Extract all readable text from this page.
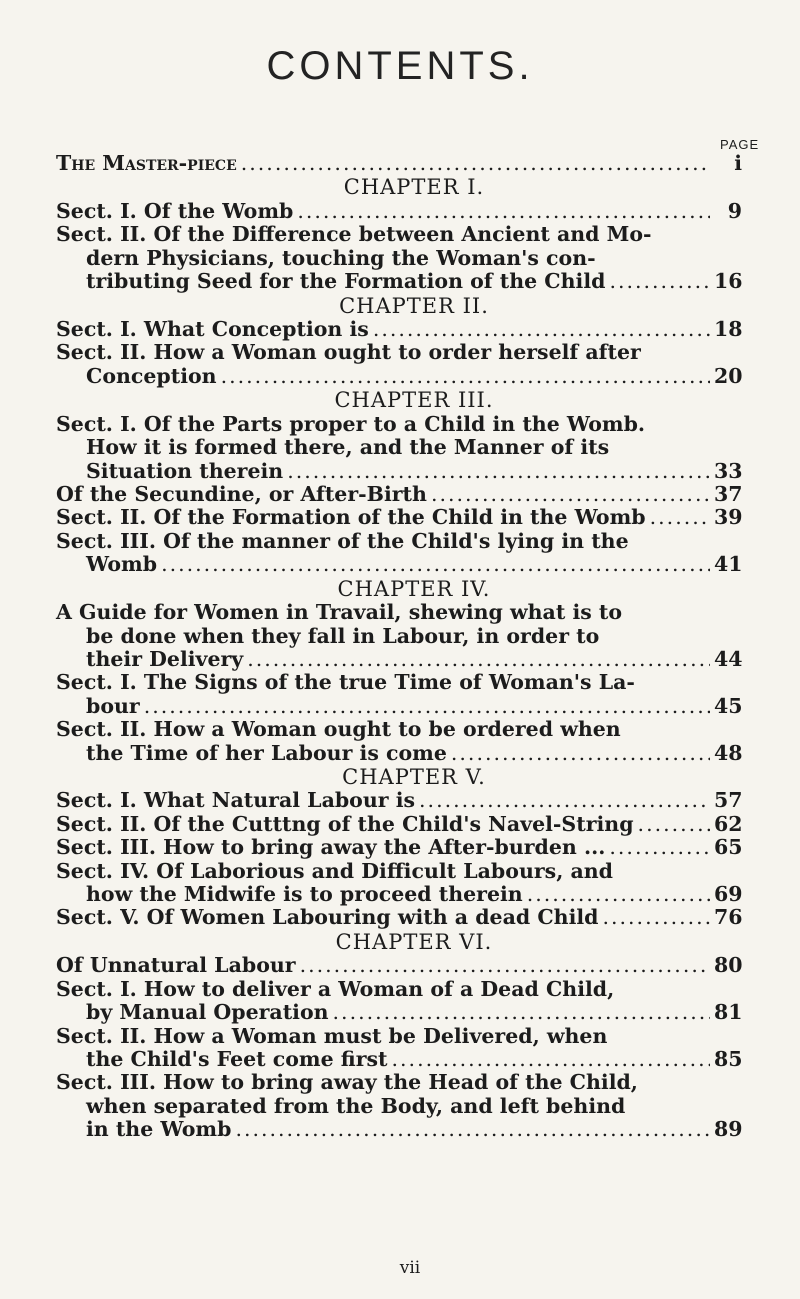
CONTENTS.
PAGE
The Master-piece .....	i
CHAPTER I.
Sect. I. Of the Womb .....	9
Sect. II. Of the Difference between Ancient and Mo-
dern Physicians, touching the Woman's con-
tributing Seed for the Formation of the Child .....	16
CHAPTER II.
Sect. I. What Conception is .....	18
Sect. II. How a Woman ought to order herself after
Conception .....	20
CHAPTER III.
Sect. I. Of the Parts proper to a Child in the Womb.
How it is formed there, and the Manner of its
Situation therein .....	33
Of the Secundine, or After-Birth .....	37
Sect. II. Of the Formation of the Child in the Womb .....	39
Sect. III. Of the manner of the Child's lying in the
Womb .....	41
CHAPTER IV.
A Guide for Women in Travail, shewing what is to
be done when they fall in Labour, in order to
their Delivery .....	44
Sect. I. The Signs of the true Time of Woman's La-
bour .....	45
Sect. II. How a Woman ought to be ordered when
the Time of her Labour is come .....	48
CHAPTER V.
Sect. I. What Natural Labour is .....	57
Sect. II. Of the Cutttng of the Child's Navel-String .....	62
Sect. III. How to bring away the After-burden ... .....	65
Sect. IV. Of Laborious and Difficult Labours, and
how the Midwife is to proceed therein .....	69
Sect. V. Of Women Labouring with a dead Child .....	76
CHAPTER VI.
Of Unnatural Labour .....	80
Sect. I. How to deliver a Woman of a Dead Child,
by Manual Operation .....	81
Sect. II. How a Woman must be Delivered, when
the Child's Feet come first .....	85
Sect. III. How to bring away the Head of the Child,
when separated from the Body, and left behind
in the Womb .....	89
vii
